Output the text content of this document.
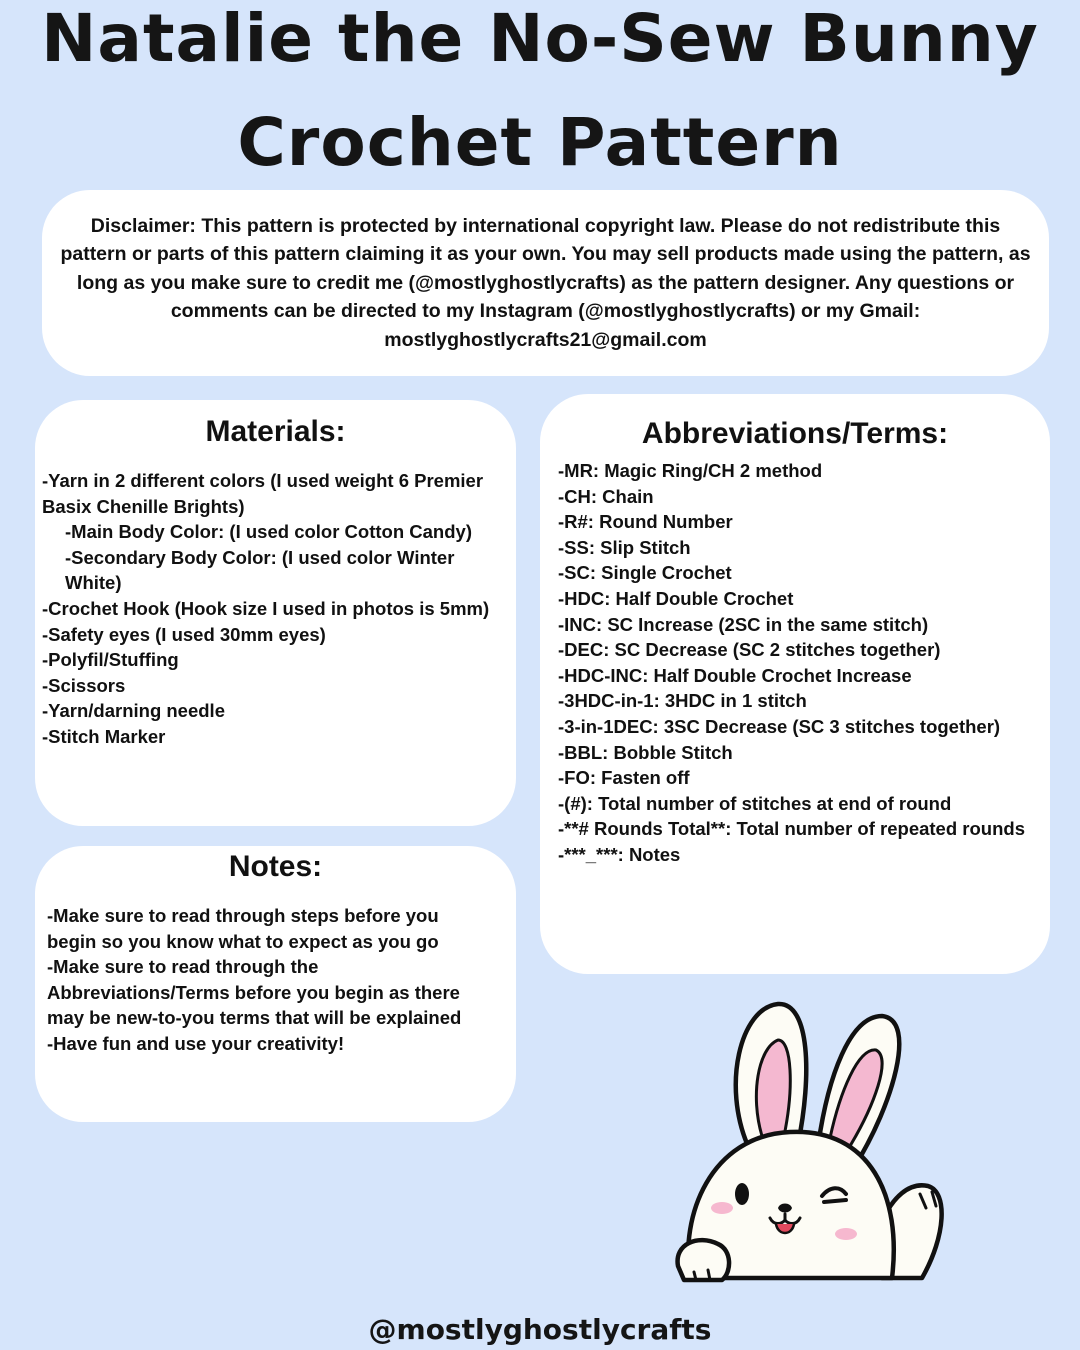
Natalie the No-Sew Bunny
Crochet Pattern

Disclaimer: This pattern is protected by international copyright law. Please do not redistribute this pattern or parts of this pattern claiming it as your own. You may sell products made using the pattern, as long as you make sure to credit me (@mostlyghostlycrafts) as the pattern designer. Any questions or comments can be directed to my Instagram (@mostlyghostlycrafts) or my Gmail: mostlyghostlycrafts21@gmail.com

Materials:
-Yarn in 2 different colors (I used weight 6 Premier Basix Chenille Brights)
-Main Body Color: (I used color Cotton Candy)
-Secondary Body Color: (I used color Winter White)
-Crochet Hook (Hook size I used in photos is 5mm)
-Safety eyes (I used 30mm eyes)
-Polyfil/Stuffing
-Scissors
-Yarn/darning needle
-Stitch Marker
Abbreviations/Terms:
-MR: Magic Ring/CH 2 method
-CH: Chain
-R#: Round Number
-SS: Slip Stitch
-SC: Single Crochet
-HDC: Half Double Crochet
-INC: SC Increase (2SC in the same stitch)
-DEC: SC Decrease (SC 2 stitches together)
-HDC-INC: Half Double Crochet Increase
-3HDC-in-1: 3HDC in 1 stitch
-3-in-1DEC: 3SC Decrease (SC 3 stitches together)
-BBL: Bobble Stitch
-FO: Fasten off
-(#): Total number of stitches at end of round
-**# Rounds Total**: Total number of repeated rounds
-***_***: Notes
Notes:
-Make sure to read through steps before you begin so you know what to expect as you go
-Make sure to read through the Abbreviations/Terms before you begin as there may be new-to-you terms that will be explained
-Have fun and use your creativity!

@mostlyghostlycrafts
